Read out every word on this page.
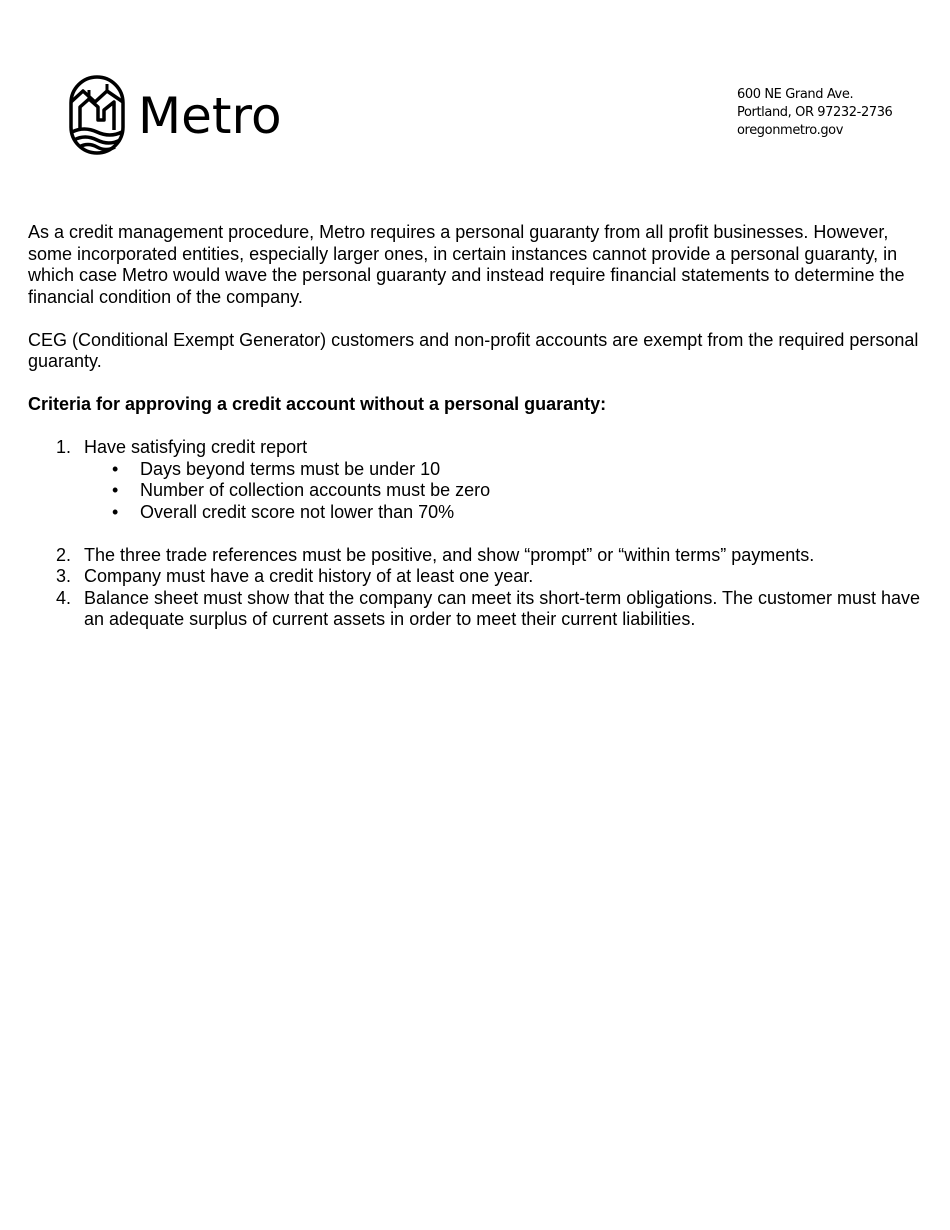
Metro	600 NE Grand Ave.
Portland, OR 97232-2736
oregonmetro.gov

As a credit management procedure, Metro requires a personal guaranty from all profit businesses. However, some incorporated entities, especially larger ones, in certain instances cannot provide a personal guaranty, in which case Metro would wave the personal guaranty and instead require financial statements to determine the financial condition of the company.

CEG (Conditional Exempt Generator) customers and non-profit accounts are exempt from the required personal guaranty.

Criteria for approving a credit account without a personal guaranty:

1. Have satisfying credit report
• Days beyond terms must be under 10
• Number of collection accounts must be zero
• Overall credit score not lower than 70%
2. The three trade references must be positive, and show “prompt” or “within terms” payments.
3. Company must have a credit history of at least one year.
4. Balance sheet must show that the company can meet its short-term obligations. The customer must have an adequate surplus of current assets in order to meet their current liabilities.
